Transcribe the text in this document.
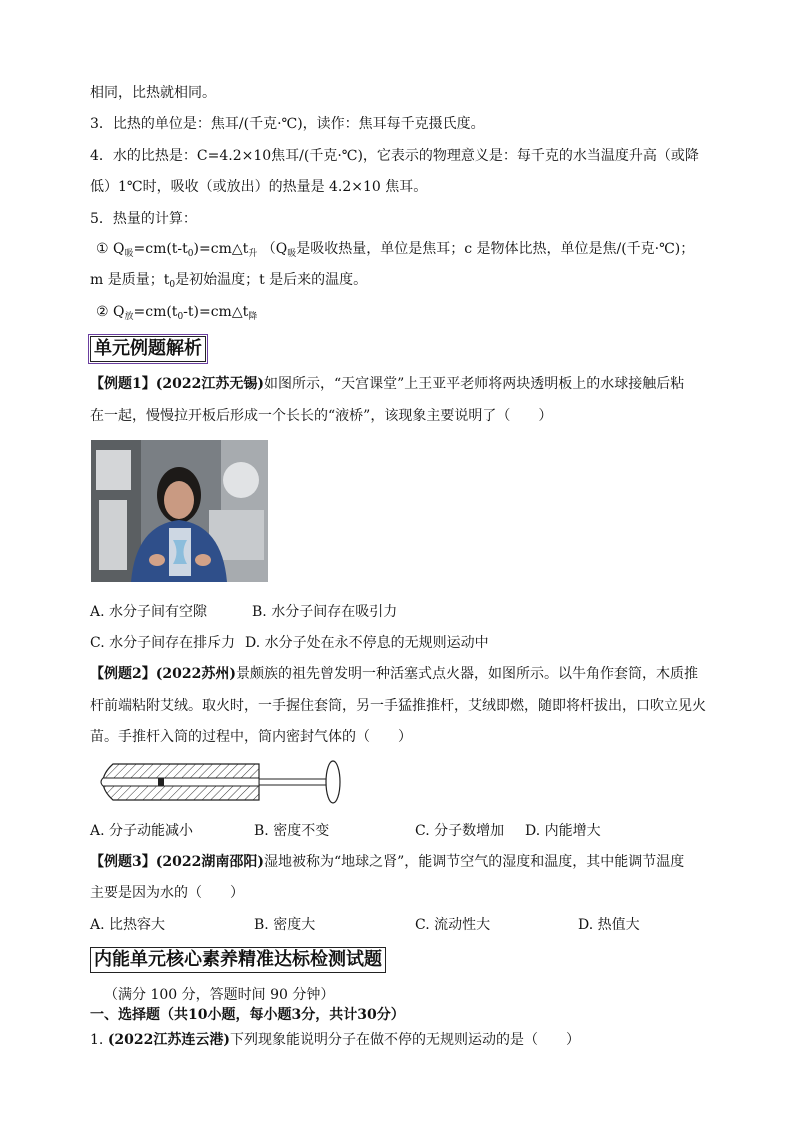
相同，比热就相同。
3．比热的单位是：焦耳/(千克·℃)，读作：焦耳每千克摄氏度。
4．水的比热是：C=4.2×10焦耳/(千克·℃)，它表示的物理意义是：每千克的水当温度升高（或降
低）1℃时，吸收（或放出）的热量是 4.2×10 焦耳。
5．热量的计算：
① $Q_吸=cm(t-t_0)=cm\triangle t_升$ （$Q_吸$是吸收热量，单位是焦耳；c 是物体比热，单位是焦/(千克·℃)；
m 是质量；$t_0$是初始温度；t 是后来的温度。
② $Q_放=cm(t_0-t)=cm\triangle t_降$
单元例题解析
【例题1】(2022江苏无锡)如图所示，“天宫课堂”上王亚平老师将两块透明板上的水球接触后粘
在一起，慢慢拉开板后形成一个长长的“液桥”，该现象主要说明了（　　）
A. 水分子间有空隙	B. 水分子间存在吸引力
C. 水分子间存在排斥力 D. 水分子处在永不停息的无规则运动中
【例题2】(2022苏州)景颇族的祖先曾发明一种活塞式点火器，如图所示。以牛角作套筒，木质推
杆前端粘附艾绒。取火时，一手握住套筒，另一手猛推推杆，艾绒即燃，随即将杆拔出，口吹立见火
苗。手推杆入筒的过程中，筒内密封气体的（　　）
A. 分子动能减小	B. 密度不变	C. 分子数增加 D. 内能增大
【例题3】(2022湖南邵阳)湿地被称为“地球之肾”，能调节空气的湿度和温度，其中能调节温度
主要是因为水的（　　）
A. 比热容大	B. 密度大	C. 流动性大	D. 热值大
内能单元核心素养精准达标检测试题
（满分 100 分，答题时间 90 分钟）
一、选择题（共10小题，每小题3分，共计30分）
1. (2022江苏连云港)下列现象能说明分子在做不停的无规则运动的是（　　）
